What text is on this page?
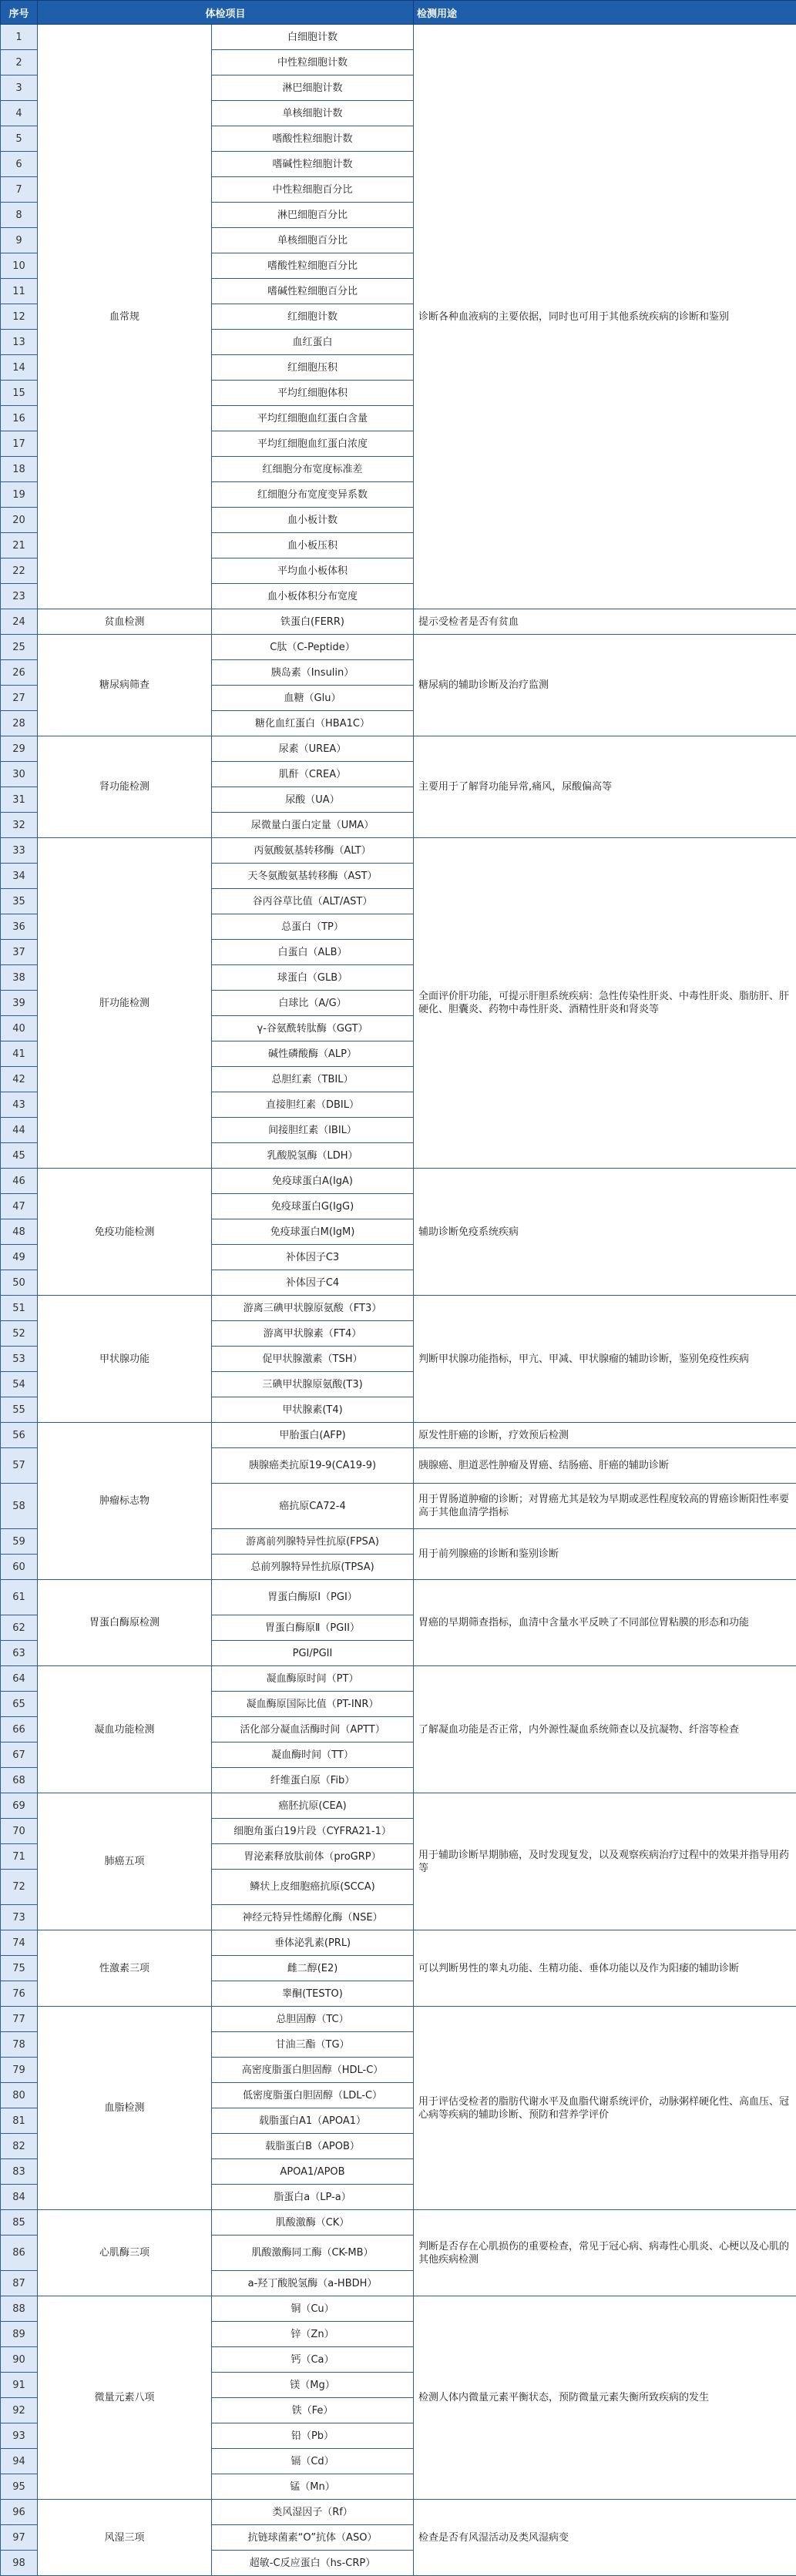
序号	体检项目		检测用途
1	血常规	白细胞计数	诊断各种血液病的主要依据，同时也可用于其他系统疾病的诊断和鉴别
2		中性粒细胞计数	
3		淋巴细胞计数	
4		单核细胞计数	
5		嗜酸性粒细胞计数	
6		嗜碱性粒细胞计数	
7		中性粒细胞百分比	
8		淋巴细胞百分比	
9		单核细胞百分比	
10		嗜酸性粒细胞百分比	
11		嗜碱性粒细胞百分比	
12		红细胞计数	
13		血红蛋白	
14		红细胞压积	
15		平均红细胞体积	
16		平均红细胞血红蛋白含量	
17		平均红细胞血红蛋白浓度	
18		红细胞分布宽度标准差	
19		红细胞分布宽度变异系数	
20		血小板计数	
21		血小板压积	
22		平均血小板体积	
23		血小板体积分布宽度	
24	贫血检测	铁蛋白(FERR)	提示受检者是否有贫血
25	糖尿病筛查	C肽（C-Peptide）	糖尿病的辅助诊断及治疗监测
26		胰岛素（Insulin）	
27		血糖（Glu）	
28		糖化血红蛋白（HBA1C）	
29	肾功能检测	尿素（UREA）	主要用于了解肾功能异常,痛风，尿酸偏高等
30		肌酐（CREA）	
31		尿酸（UA）	
32		尿微量白蛋白定量（UMA）	
33	肝功能检测	丙氨酸氨基转移酶（ALT）	全面评价肝功能，可提示肝胆系统疾病：急性传染性肝炎、中毒性肝炎、脂肪肝、肝硬化、胆囊炎、药物中毒性肝炎、酒精性肝炎和肾炎等
34		天冬氨酸氨基转移酶（AST）	
35		谷丙谷草比值（ALT/AST）	
36		总蛋白（TP）	
37		白蛋白（ALB）	
38		球蛋白（GLB）	
39		白球比（A/G）	
40		γ-谷氨酰转肽酶（GGT）	
41		碱性磷酸酶（ALP）	
42		总胆红素（TBIL）	
43		直接胆红素（DBIL）	
44		间接胆红素（IBIL）	
45		乳酸脱氢酶（LDH）	
46	免疫功能检测	免疫球蛋白A(IgA)	辅助诊断免疫系统疾病
47		免疫球蛋白G(IgG)	
48		免疫球蛋白M(IgM)	
49		补体因子C3	
50		补体因子C4	
51	甲状腺功能	游离三碘甲状腺原氨酸（FT3）	判断甲状腺功能指标，甲亢、甲减、甲状腺瘤的辅助诊断，鉴别免疫性疾病
52		游离甲状腺素（FT4）	
53		促甲状腺激素（TSH）	
54		三碘甲状腺原氨酸(T3)	
55		甲状腺素(T4)	
56	肿瘤标志物	甲胎蛋白(AFP)	原发性肝癌的诊断，疗效预后检测
57		胰腺癌类抗原19-9(CA19-9)	胰腺癌、胆道恶性肿瘤及胃癌、结肠癌、肝癌的辅助诊断
58		癌抗原CA72-4	用于胃肠道肿瘤的诊断；对胃癌尤其是较为早期或恶性程度较高的胃癌诊断阳性率要高于其他血清学指标
59		游离前列腺特异性抗原(FPSA)	用于前列腺癌的诊断和鉴别诊断
60		总前列腺特异性抗原(TPSA)	
61	胃蛋白酶原检测	胃蛋白酶原Ⅰ（PGI）	胃癌的早期筛查指标，血清中含量水平反映了不同部位胃粘膜的形态和功能
62		胃蛋白酶原Ⅱ（PGII）	
63		PGI/PGII	
64	凝血功能检测	凝血酶原时间（PT）	了解凝血功能是否正常，内外源性凝血系统筛查以及抗凝物、纤溶等检查
65		凝血酶原国际比值（PT-INR）	
66		活化部分凝血活酶时间（APTT）	
67		凝血酶时间（TT）	
68		纤维蛋白原（Fib）	
69	肺癌五项	癌胚抗原(CEA)	用于辅助诊断早期肺癌，及时发现复发，以及观察疾病治疗过程中的效果并指导用药等
70		细胞角蛋白19片段（CYFRA21-1）	
71		胃泌素释放肽前体（proGRP）	
72		鳞状上皮细胞癌抗原(SCCA)	
73		神经元特异性烯醇化酶（NSE）	
74	性激素三项	垂体泌乳素(PRL)	可以判断男性的睾丸功能、生精功能、垂体功能以及作为阳痿的辅助诊断
75		雌二醇(E2)	
76		睾酮(TESTO)	
77	血脂检测	总胆固醇（TC）	用于评估受检者的脂肪代谢水平及血脂代谢系统评价，动脉粥样硬化性、高血压、冠心病等疾病的辅助诊断、预防和营养学评价
78		甘油三酯（TG）	
79		高密度脂蛋白胆固醇（HDL-C）	
80		低密度脂蛋白胆固醇（LDL-C）	
81		载脂蛋白A1（APOA1）	
82		载脂蛋白B（APOB）	
83		APOA1/APOB	
84		脂蛋白a（LP-a）	
85	心肌酶三项	肌酸激酶（CK）	判断是否存在心肌损伤的重要检查，常见于冠心病、病毒性心肌炎、心梗以及心肌的其他疾病检测
86		肌酸激酶同工酶（CK-MB）	
87		a-羟丁酸脱氢酶（a-HBDH）	
88	微量元素八项	铜（Cu）	检测人体内微量元素平衡状态，预防微量元素失衡所致疾病的发生
89		锌（Zn）	
90		钙（Ca）	
91		镁（Mg）	
92		铁（Fe）	
93		铅（Pb）	
94		镉（Cd）	
95		锰（Mn）	
96	风湿三项	类风湿因子（Rf）	检查是否有风湿活动及类风湿病变
97		抗链球菌素“O”抗体（ASO）	
98		超敏-C反应蛋白（hs-CRP）	
